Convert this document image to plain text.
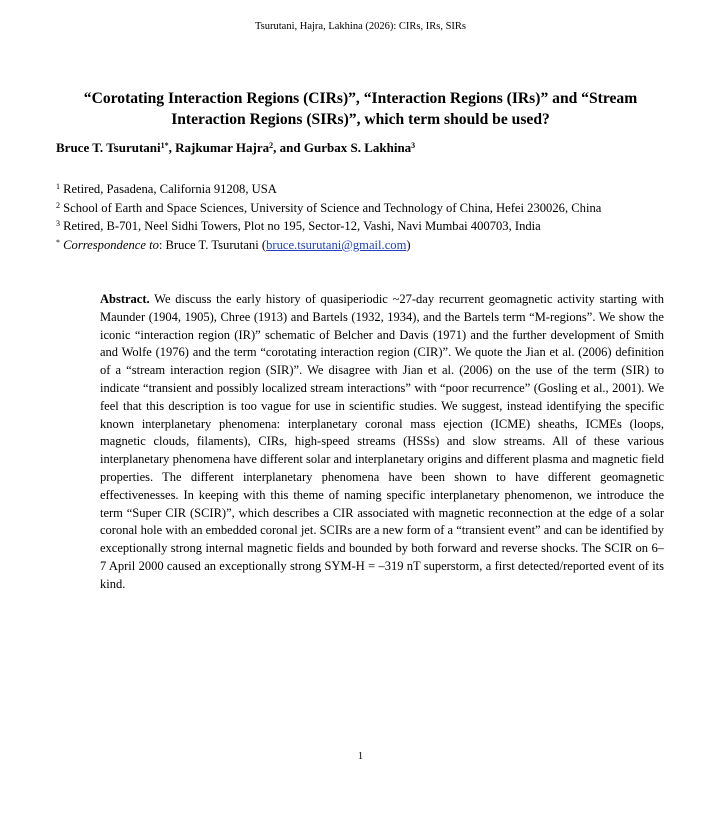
Tsurutani, Hajra, Lakhina (2026): CIRs, IRs, SIRs
“Corotating Interaction Regions (CIRs)”, “Interaction Regions (IRs)” and “Stream Interaction Regions (SIRs)”, which term should be used?

Bruce T. Tsurutani$^{1*}$, Rajkumar Hajra$^2$, and Gurbax S. Lakhina$^3$

$^1$ Retired, Pasadena, California 91208, USA

$^2$ School of Earth and Space Sciences, University of Science and Technology of China, Hefei 230026, China

$^3$ Retired, B-701, Neel Sidhi Towers, Plot no 195, Sector-12, Vashi, Navi Mumbai 400703, India

* Correspondence to: Bruce T. Tsurutani (bruce.tsurutani@gmail.com)

Abstract. We discuss the early history of quasiperiodic ~27-day recurrent geomagnetic activity starting with Maunder (1904, 1905), Chree (1913) and Bartels (1932, 1934), and the Bartels term “M-regions”. We show the iconic “interaction region (IR)” schematic of Belcher and Davis (1971) and the further development of Smith and Wolfe (1976) and the term “corotating interaction region (CIR)”. We quote the Jian et al. (2006) definition of a “stream interaction region (SIR)”. We disagree with Jian et al. (2006) on the use of the term (SIR) to indicate “transient and possibly localized stream interactions” with “poor recurrence” (Gosling et al., 2001). We feel that this description is too vague for use in scientific studies. We suggest, instead identifying the specific known interplanetary phenomena: interplanetary coronal mass ejection (ICME) sheaths, ICMEs (loops, magnetic clouds, filaments), CIRs, high-speed streams (HSSs) and slow streams. All of these various interplanetary phenomena have different solar and interplanetary origins and different plasma and magnetic field properties. The different interplanetary phenomena have been shown to have different geomagnetic effectivenesses. In keeping with this theme of naming specific interplanetary phenomenon, we introduce the term “Super CIR (SCIR)”, which describes a CIR associated with magnetic reconnection at the edge of a solar coronal hole with an embedded coronal jet. SCIRs are a new form of a “transient event” and can be identified by exceptionally strong internal magnetic fields and bounded by both forward and reverse shocks. The SCIR on 6–7 April 2000 caused an exceptionally strong SYM-H = –319 nT superstorm, a first detected/reported event of its kind.

1
